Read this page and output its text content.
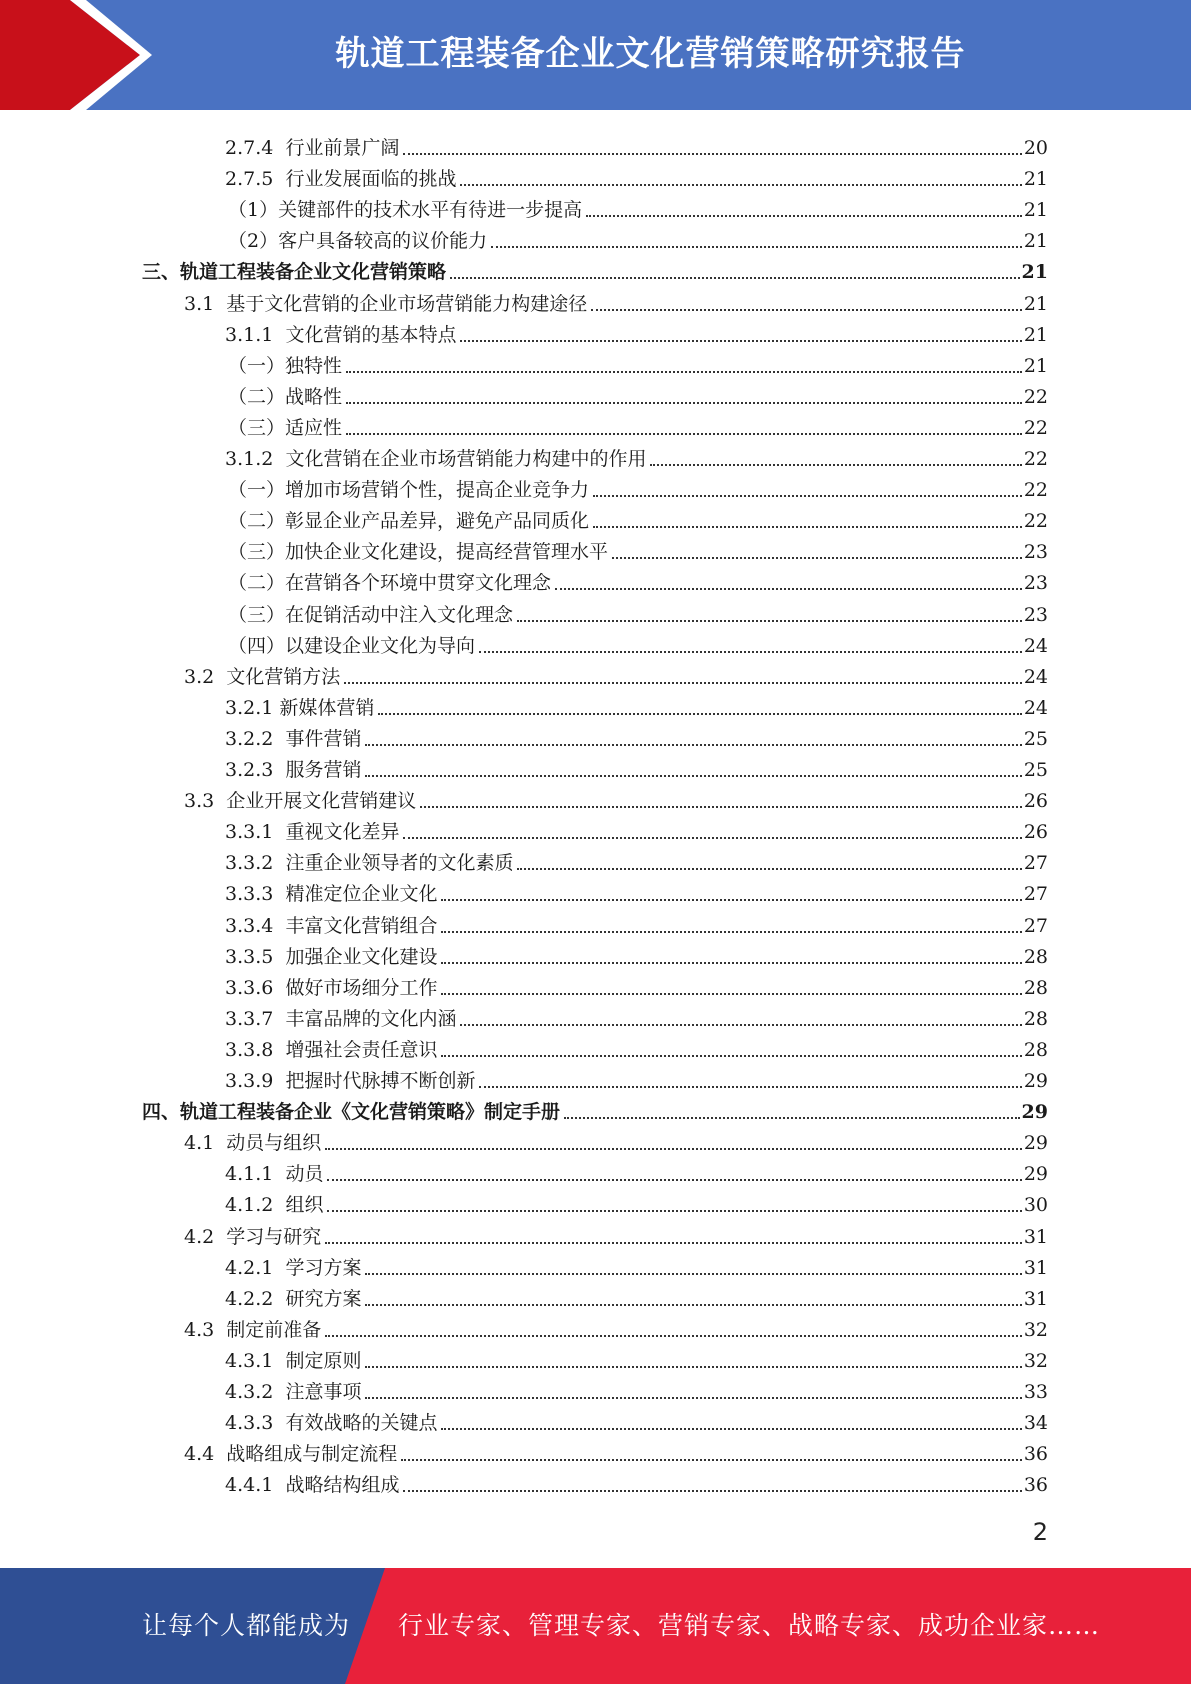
轨道工程装备企业文化营销策略研究报告
2.7.4 行业前景广阔	20
2.7.5 行业发展面临的挑战	21
（1）关键部件的技术水平有待进一步提高	21
（2）客户具备较高的议价能力	21
三、轨道工程装备企业文化营销策略	21
3.1 基于文化营销的企业市场营销能力构建途径	21
3.1.1 文化营销的基本特点	21
（一）独特性	21
（二）战略性	22
（三）适应性	22
3.1.2 文化营销在企业市场营销能力构建中的作用	22
（一）增加市场营销个性，提高企业竞争力	22
（二）彰显企业产品差异，避免产品同质化	22
（三）加快企业文化建设，提高经营管理水平	23
（二）在营销各个环境中贯穿文化理念	23
（三）在促销活动中注入文化理念	23
（四）以建设企业文化为导向	24
3.2 文化营销方法	24
3.2.1 新媒体营销	24
3.2.2 事件营销	25
3.2.3 服务营销	25
3.3 企业开展文化营销建议	26
3.3.1 重视文化差异	26
3.3.2 注重企业领导者的文化素质	27
3.3.3 精准定位企业文化	27
3.3.4 丰富文化营销组合	27
3.3.5 加强企业文化建设	28
3.3.6 做好市场细分工作	28
3.3.7 丰富品牌的文化内涵	28
3.3.8 增强社会责任意识	28
3.3.9 把握时代脉搏不断创新	29
四、轨道工程装备企业《文化营销策略》制定手册	29
4.1 动员与组织	29
4.1.1 动员	29
4.1.2 组织	30
4.2 学习与研究	31
4.2.1 学习方案	31
4.2.2 研究方案	31
4.3 制定前准备	32
4.3.1 制定原则	32
4.3.2 注意事项	33
4.3.3 有效战略的关键点	34
4.4 战略组成与制定流程	36
4.4.1 战略结构组成	36
2
让每个人都能成为 行业专家、管理专家、营销专家、战略专家、成功企业家……
